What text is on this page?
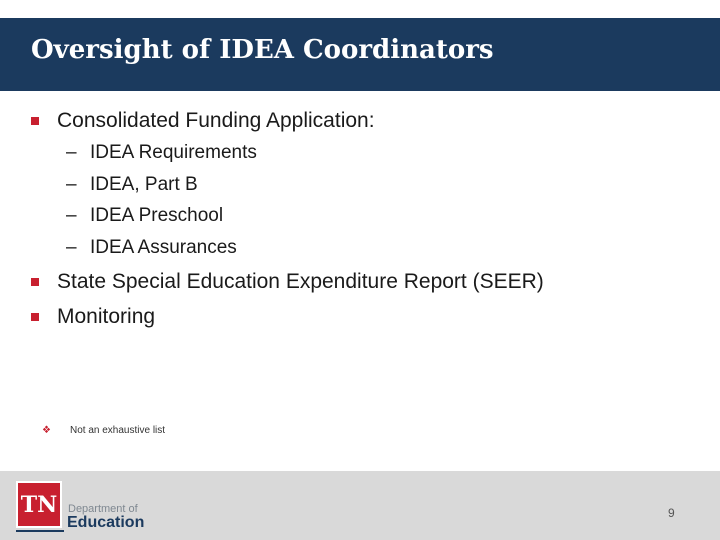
Oversight of IDEA Coordinators
Consolidated Funding Application:
– IDEA Requirements
– IDEA, Part B
– IDEA Preschool
– IDEA Assurances
State Special Education Expenditure Report (SEER)
Monitoring
❖	Not an exhaustive list
TN Department of
Education
9
